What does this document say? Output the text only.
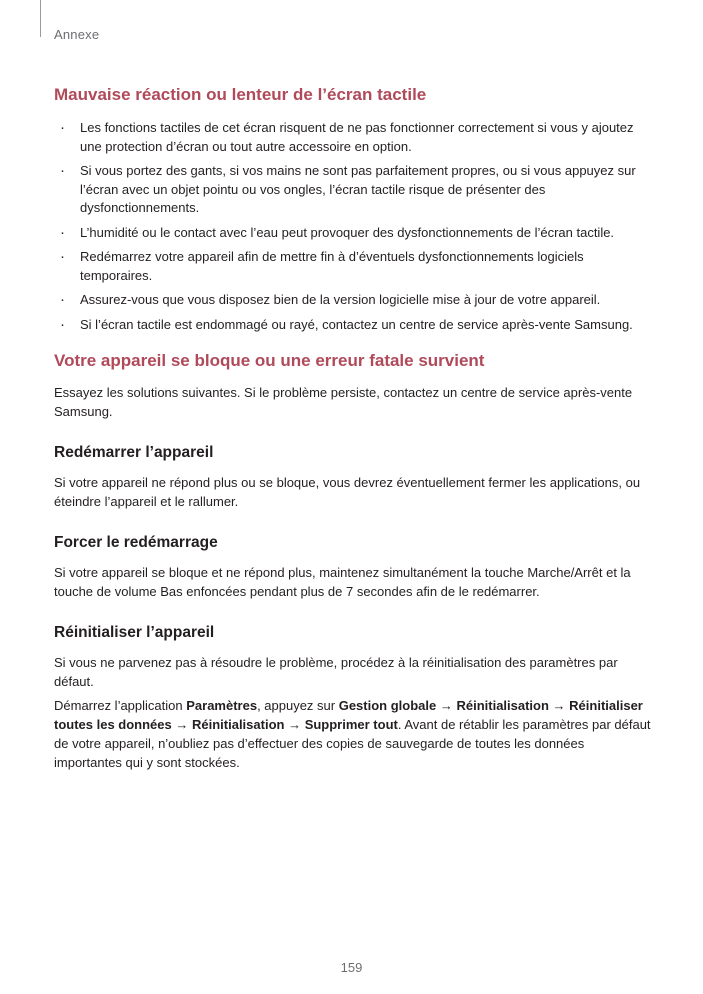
Annexe
Mauvaise réaction ou lenteur de l’écran tactile
· Les fonctions tactiles de cet écran risquent de ne pas fonctionner correctement si vous y ajoutez une protection d’écran ou tout autre accessoire en option.
· Si vous portez des gants, si vos mains ne sont pas parfaitement propres, ou si vous appuyez sur l’écran avec un objet pointu ou vos ongles, l’écran tactile risque de présenter des dysfonctionnements.
· L’humidité ou le contact avec l’eau peut provoquer des dysfonctionnements de l’écran tactile.
· Redémarrez votre appareil afin de mettre fin à d’éventuels dysfonctionnements logiciels temporaires.
· Assurez-vous que vous disposez bien de la version logicielle mise à jour de votre appareil.
· Si l’écran tactile est endommagé ou rayé, contactez un centre de service après-vente Samsung.
Votre appareil se bloque ou une erreur fatale survient

Essayez les solutions suivantes. Si le problème persiste, contactez un centre de service après-vente Samsung.

Redémarrer l’appareil

Si votre appareil ne répond plus ou se bloque, vous devrez éventuellement fermer les applications, ou éteindre l’appareil et le rallumer.

Forcer le redémarrage

Si votre appareil se bloque et ne répond plus, maintenez simultanément la touche Marche/Arrêt et la touche de volume Bas enfoncées pendant plus de 7 secondes afin de le redémarrer.

Réinitialiser l’appareil

Si vous ne parvenez pas à résoudre le problème, procédez à la réinitialisation des paramètres par défaut.

Démarrez l’application Paramètres, appuyez sur Gestion globale → Réinitialisation → Réinitialiser toutes les données → Réinitialisation → Supprimer tout. Avant de rétablir les paramètres par défaut de votre appareil, n’oubliez pas d’effectuer des copies de sauvegarde de toutes les données importantes qui y sont stockées.

159
